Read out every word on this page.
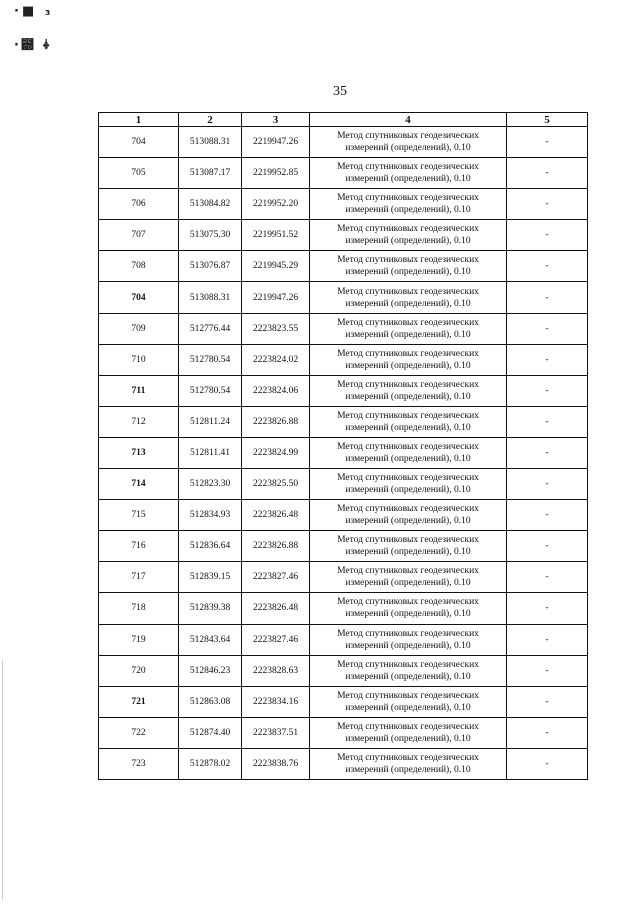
·■ ₃
·⹽ ⸸
35
1	2	3	4	5
704	513088.31	2219947.26	Метод спутниковых геодезических
измерений (определений), 0.10	-
705	513087.17	2219952.85	Метод спутниковых геодезических
измерений (определений), 0.10	-
706	513084.82	2219952.20	Метод спутниковых геодезических
измерений (определений), 0.10	-
707	513075.30	2219951.52	Метод спутниковых геодезических
измерений (определений), 0.10	-
708	513076.87	2219945.29	Метод спутниковых геодезических
измерений (определений), 0.10	-
704	513088.31	2219947.26	Метод спутниковых геодезических
измерений (определений), 0.10	-
709	512776.44	2223823.55	Метод спутниковых геодезических
измерений (определений), 0.10	-
710	512780.54	2223824.02	Метод спутниковых геодезических
измерений (определений), 0.10	-
711	512780.54	2223824.06	Метод спутниковых геодезических
измерений (определений), 0.10	-
712	512811.24	2223826.88	Метод спутниковых геодезических
измерений (определений), 0.10	-
713	512811.41	2223824.99	Метод спутниковых геодезических
измерений (определений), 0.10	-
714	512823.30	2223825.50	Метод спутниковых геодезических
измерений (определений), 0.10	-
715	512834.93	2223826.48	Метод спутниковых геодезических
измерений (определений), 0.10	-
716	512836.64	2223826.88	Метод спутниковых геодезических
измерений (определений), 0.10	-
717	512839.15	2223827.46	Метод спутниковых геодезических
измерений (определений), 0.10	-
718	512839.38	2223826.48	Метод спутниковых геодезических
измерений (определений), 0.10	-
719	512843.64	2223827.46	Метод спутниковых геодезических
измерений (определений), 0.10	-
720	512846.23	2223828.63	Метод спутниковых геодезических
измерений (определений), 0.10	-
721	512863.08	2223834.16	Метод спутниковых геодезических
измерений (определений), 0.10	-
722	512874.40	2223837.51	Метод спутниковых геодезических
измерений (определений), 0.10	-
723	512878.02	2223838.76	Метод спутниковых геодезических
измерений (определений), 0.10	-
